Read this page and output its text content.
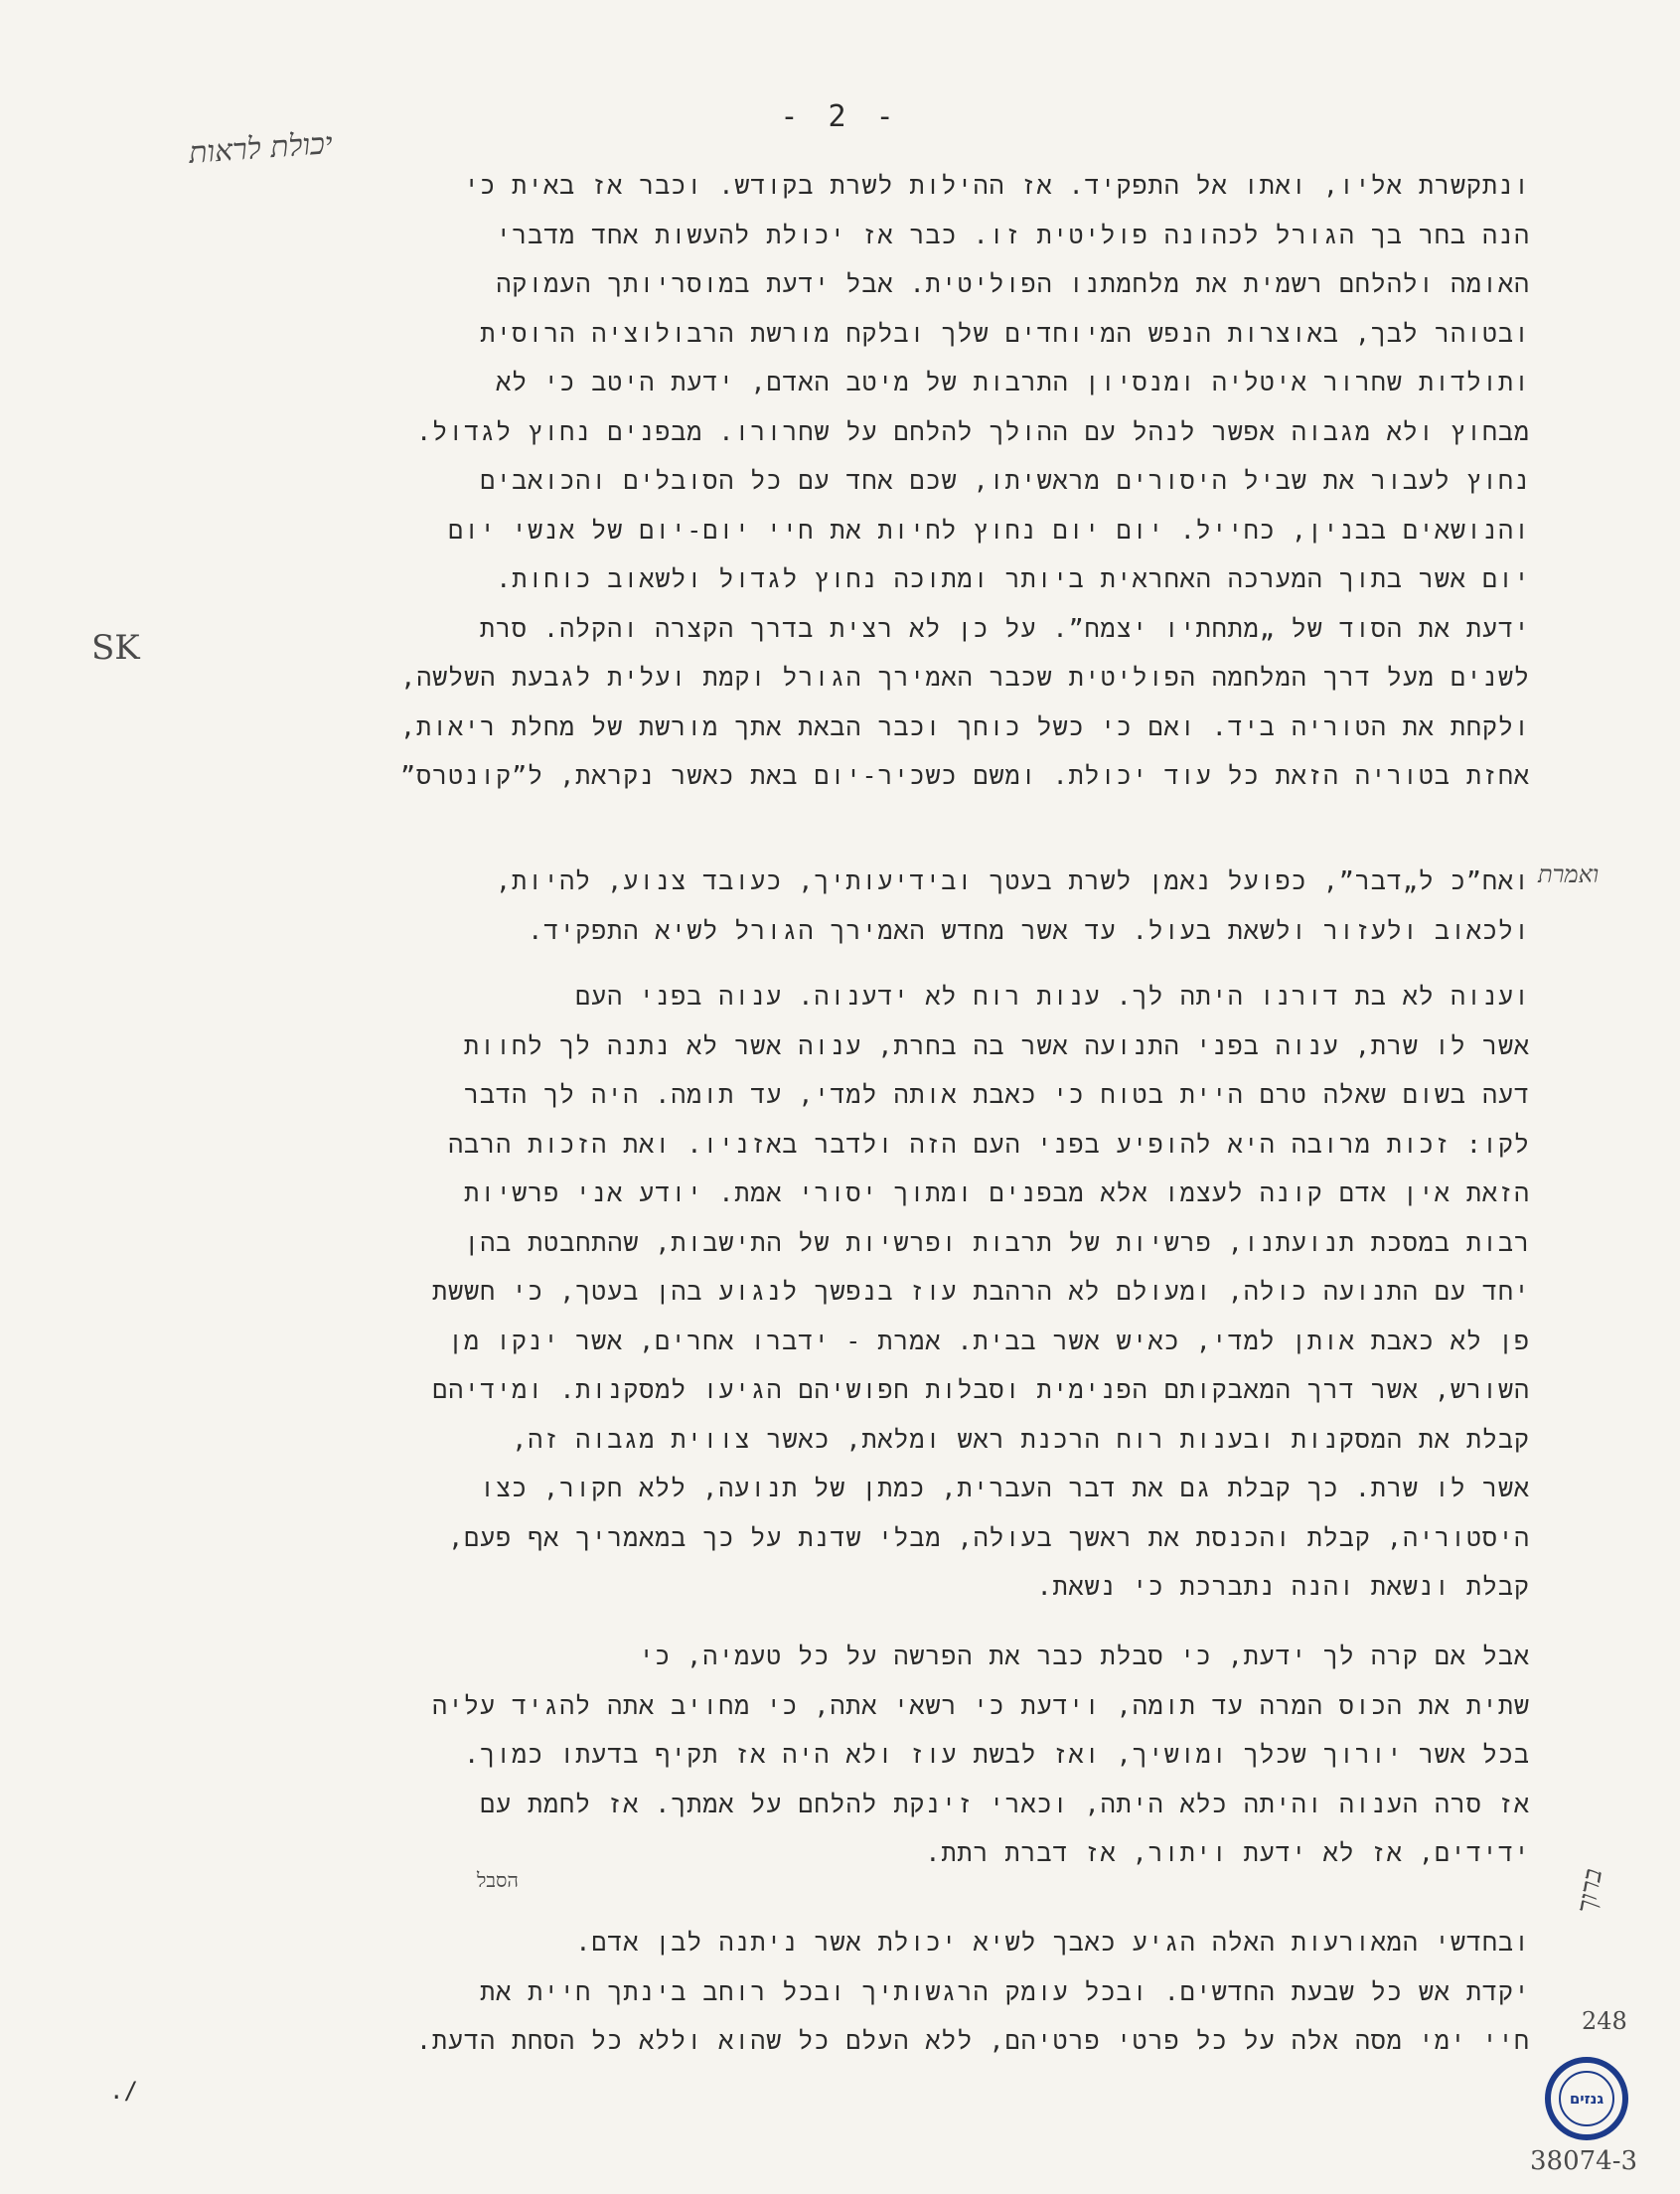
- 2 -
ונתקשרת אליו, ואתו אל התפקיד. אז ההילות לשרת בקודש. וכבר אז באית כי
הנה בחר בך הגורל לכהונה פוליטית זו. כבר אז יכולת להעשות אחד מדברי
האומה ולהלחם רשמית את מלחמתנו הפוליטית. אבל ידעת במוסריותך העמוקה
ובטוהר לבך, באוצרות הנפש המיוחדים שלך ובלקח מורשת הרבולוציה הרוסית
ותולדות שחרור איטליה ומנסיון התרבות של מיטב האדם, ידעת היטב כי לא
מבחוץ ולא מגבוה אפשר לנהל עם ההולך להלחם על שחרורו. מבפנים נחוץ לגדול.
נחוץ לעבור את שביל היסורים מראשיתו, שכם אחד עם כל הסובלים והכואבים
והנושאים בבנין, כחייל. יום יום נחוץ לחיות את חיי יום-יום של אנשי יום
יום אשר בתוך המערכה האחראית ביותר ומתוכה נחוץ לגדול ולשאוב כוחות.
ידעת את הסוד של „מתחתיו יצמח”. על כן לא רצית בדרך הקצרה והקלה. סרת
לשנים מעל דרך המלחמה הפוליטית שכבר האמירך הגורל וקמת ועלית לגבעת השלשה,
ולקחת את הטוריה ביד. ואם כי כשל כוחך וכבר הבאת אתך מורשת של מחלת ריאות,
אחזת בטוריה הזאת כל עוד יכולת. ומשם כשכיר-יום באת כאשר נקראת, ל”קונטרס”
ואח”כ ל„דבר”, כפועל נאמן לשרת בעטך ובידיעותיך, כעובד צנוע, להיות,
ולכאוב ולעזור ולשאת בעול. עד אשר מחדש האמירך הגורל לשיא התפקיד.
וענוה לא בת דורנו היתה לך. ענות רוח לא ידענוה. ענוה בפני העם
אשר לו שרת, ענוה בפני התנועה אשר בה בחרת, ענוה אשר לא נתנה לך לחוות
דעה בשום שאלה טרם היית בטוח כי כאבת אותה למדי, עד תומה. היה לך הדבר
לקו: זכות מרובה היא להופיע בפני העם הזה ולדבר באזניו. ואת הזכות הרבה
הזאת אין אדם קונה לעצמו אלא מבפנים ומתוך יסורי אמת. יודע אני פרשיות
רבות במסכת תנועתנו, פרשיות של תרבות ופרשיות של התישבות, שהתחבטת בהן
יחד עם התנועה כולה, ומעולם לא הרהבת עוז בנפשך לנגוע בהן בעטך, כי חששת
פן לא כאבת אותן למדי, כאיש אשר בבית. אמרת - ידברו אחרים, אשר ינקו מן
השורש, אשר דרך המאבקותם הפנימית וסבלות חפושיהם הגיעו למסקנות. ומידיהם
קבלת את המסקנות ובענות רוח הרכנת ראש ומלאת, כאשר צווית מגבוה זה,
אשר לו שרת. כך קבלת גם את דבר העברית, כמתן של תנועה, ללא חקור, כצו
היסטוריה, קבלת והכנסת את ראשך בעולה, מבלי שדנת על כך במאמריך אף פעם,
קבלת ונשאת והנה נתברכת כי נשאת.
אבל אם קרה לך ידעת, כי סבלת כבר את הפרשה על כל טעמיה, כי
שתית את הכוס המרה עד תומה, וידעת כי רשאי אתה, כי מחויב אתה להגיד עליה
בכל אשר יורוך שכלך ומושיך, ואז לבשת עוז ולא היה אז תקיף בדעתו כמוך.
אז סרה הענוה והיתה כלא היתה, וכארי זינקת להלחם על אמתך. אז לחמת עם
ידידים, אז לא ידעת ויתור, אז דברת רתת.
ובחדשי המאורעות האלה הגיע כאבך לשיא יכולת אשר ניתנה לבן אדם.
יקדת אש כל שבעת החדשים. ובכל עומק הרגשותיך ובכל רוחב בינתך חיית את
חיי ימי מסה אלה על כל פרטי פרטיהם, ללא העלם כל שהוא וללא כל הסחת הדעת.
יכולת לראות
SK
ואמרת
ברוך
הסבל
248
38074-3
./	גנזים
